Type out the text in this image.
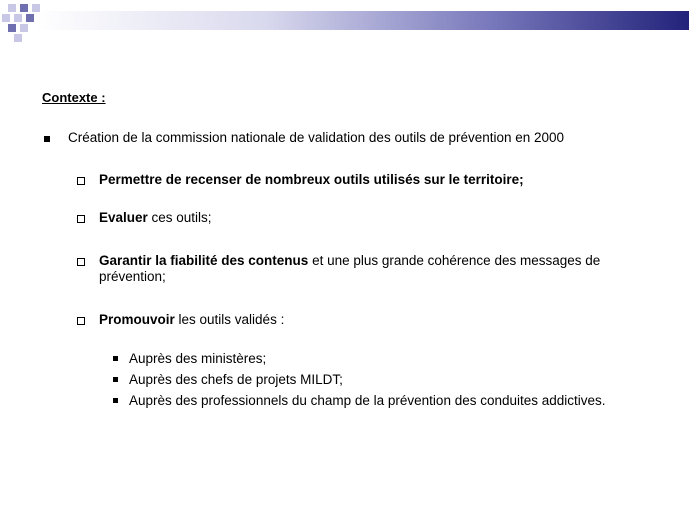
Contexte :
Création de la commission nationale de validation des outils de prévention en 2000
Permettre de recenser de nombreux outils utilisés sur le territoire;
Evaluer ces outils;
Garantir la fiabilité des contenus et une plus grande cohérence des messages de prévention;
Promouvoir les outils validés :
Auprès des ministères;
Auprès des chefs de projets MILDT;
Auprès des professionnels du champ de la prévention des conduites addictives.
